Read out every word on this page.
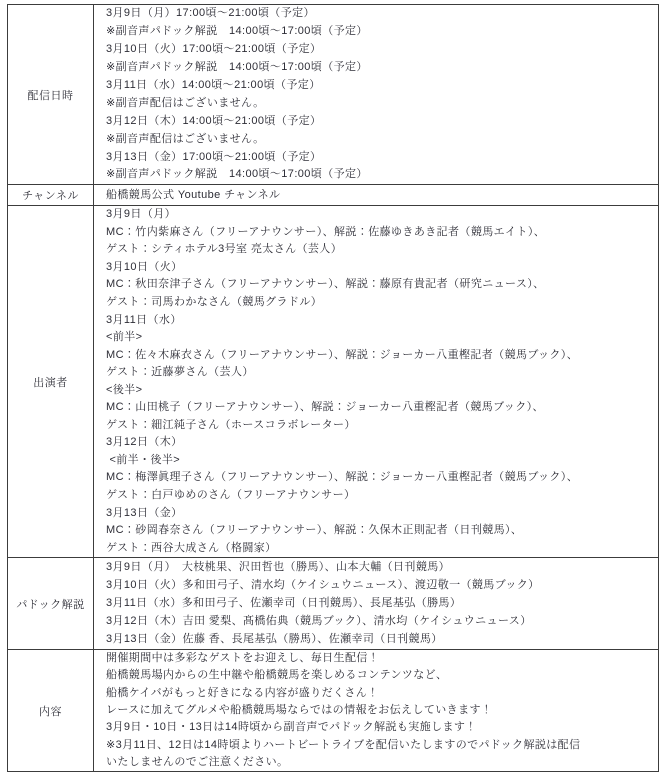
配信日時
3月9日（月）17:00頃～21:00頃（予定）
※副音声パドック解説　14:00頃～17:00頃（予定）
3月10日（火）17:00頃～21:00頃（予定）
※副音声パドック解説　14:00頃～17:00頃（予定）
3月11日（水）14:00頃～21:00頃（予定）
※副音声配信はございません。
3月12日（木）14:00頃～21:00頃（予定）
※副音声配信はございません。
3月13日（金）17:00頃～21:00頃（予定）
※副音声パドック解説　14:00頃～17:00頃（予定）
チャンネル	船橋競馬公式 Youtube チャンネル
出演者
3月9日（月）
MC：竹内紫麻さん（フリーアナウンサー）、解説：佐藤ゆきあき記者（競馬エイト）、
ゲスト：シティホテル3号室 亮太さん（芸人）
3月10日（火）
MC：秋田奈津子さん（フリーアナウンサー）、解説：藤原有貴記者（研究ニュース）、
ゲスト：司馬わかなさん（競馬グラドル）
3月11日（水）
<前半>
MC：佐々木麻衣さん（フリーアナウンサー）、解説：ジョーカー八重樫記者（競馬ブック）、
ゲスト：近藤夢さん（芸人）
<後半>
MC：山田桃子（フリーアナウンサー）、解説：ジョーカー八重樫記者（競馬ブック）、
ゲスト：細江純子さん（ホースコラボレーター）
3月12日（木）
<前半・後半>
MC：梅澤眞理子さん（フリーアナウンサー）、解説：ジョーカー八重樫記者（競馬ブック）、
ゲスト：白戸ゆめのさん（フリーアナウンサー）
3月13日（金）
MC：砂岡春奈さん（フリーアナウンサー）、解説：久保木正則記者（日刊競馬）、
ゲスト：西谷大成さん（格闘家）
パドック解説
3月9日（月）　大枝桃果、沢田哲也（勝馬）、山本大輔（日刊競馬）
3月10日（火）多和田弓子、清水均（ケイシュウニュース）、渡辺敬一（競馬ブック）
3月11日（水）多和田弓子、佐瀬幸司（日刊競馬）、長尾基弘（勝馬）
3月12日（木）吉田 愛梨、髙橋佑典（競馬ブック）、清水均（ケイシュウニュース）
3月13日（金）佐藤 香、長尾基弘（勝馬）、佐瀬幸司（日刊競馬）
内容
開催期間中は多彩なゲストをお迎えし、毎日生配信！
船橋競馬場内からの生中継や船橋競馬を楽しめるコンテンツなど、
船橋ケイバがもっと好きになる内容が盛りだくさん！
レースに加えてグルメや船橋競馬場ならではの情報をお伝えしていきます！
3月9日・10日・13日は14時頃から副音声でパドック解説も実施します！
※3月11日、12日は14時頃よりハートビートライブを配信いたしますのでパドック解説は配信
いたしませんのでご注意ください。
